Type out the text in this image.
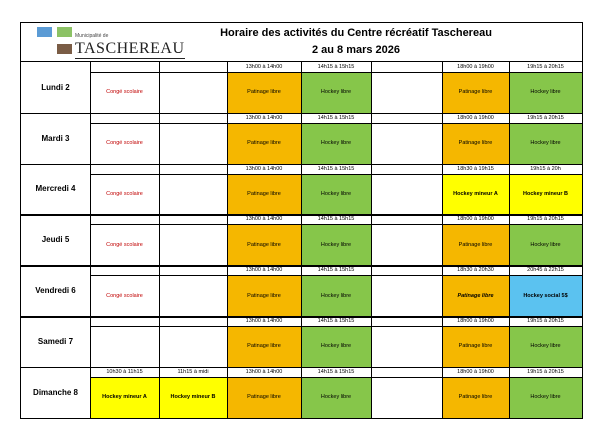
Municipalité de
TASCHEREAU
Horaire des activités du Centre récréatif Taschereau
2 au 8 mars 2026
Lundi 2
Congé scolaire
13h00 à 14h00
Patinage libre
14h15 à 15h15
Hockey libre
18h00 à 19h00
Patinage libre
19h15 à 20h15
Hockey libre
Mardi 3
Congé scolaire
13h00 à 14h00
Patinage libre
14h15 à 15h15
Hockey libre
18h00 à 19h00
Patinage libre
19h15 à 20h15
Hockey libre
Mercredi 4
Congé scolaire
13h00 à 14h00
Patinage libre
14h15 à 15h15
Hockey libre
18h30 à 19h15
Hockey mineur A
19h15 à 20h
Hockey mineur B
Jeudi 5
Congé scolaire
13h00 à 14h00
Patinage libre
14h15 à 15h15
Hockey libre
18h00 à 19h00
Patinage libre
19h15 à 20h15
Hockey libre
Vendredi 6
Congé scolaire
13h00 à 14h00
Patinage libre
14h15 à 15h15
Hockey libre
18h30 à 20h30
Patinage libre
20h45 à 22h15
Hockey social 5$
Samedi 7
13h00 à 14h00
Patinage libre
14h15 à 15h15
Hockey libre
18h00 à 19h00
Patinage libre
19h15 à 20h15
Hockey libre
Dimanche 8
10h30 à 11h15
Hockey mineur A
11h15 à midi
Hockey mineur B
13h00 à 14h00
Patinage libre
14h15 à 15h15
Hockey libre
18h00 à 19h00
Patinage libre
19h15 à 20h15
Hockey libre
